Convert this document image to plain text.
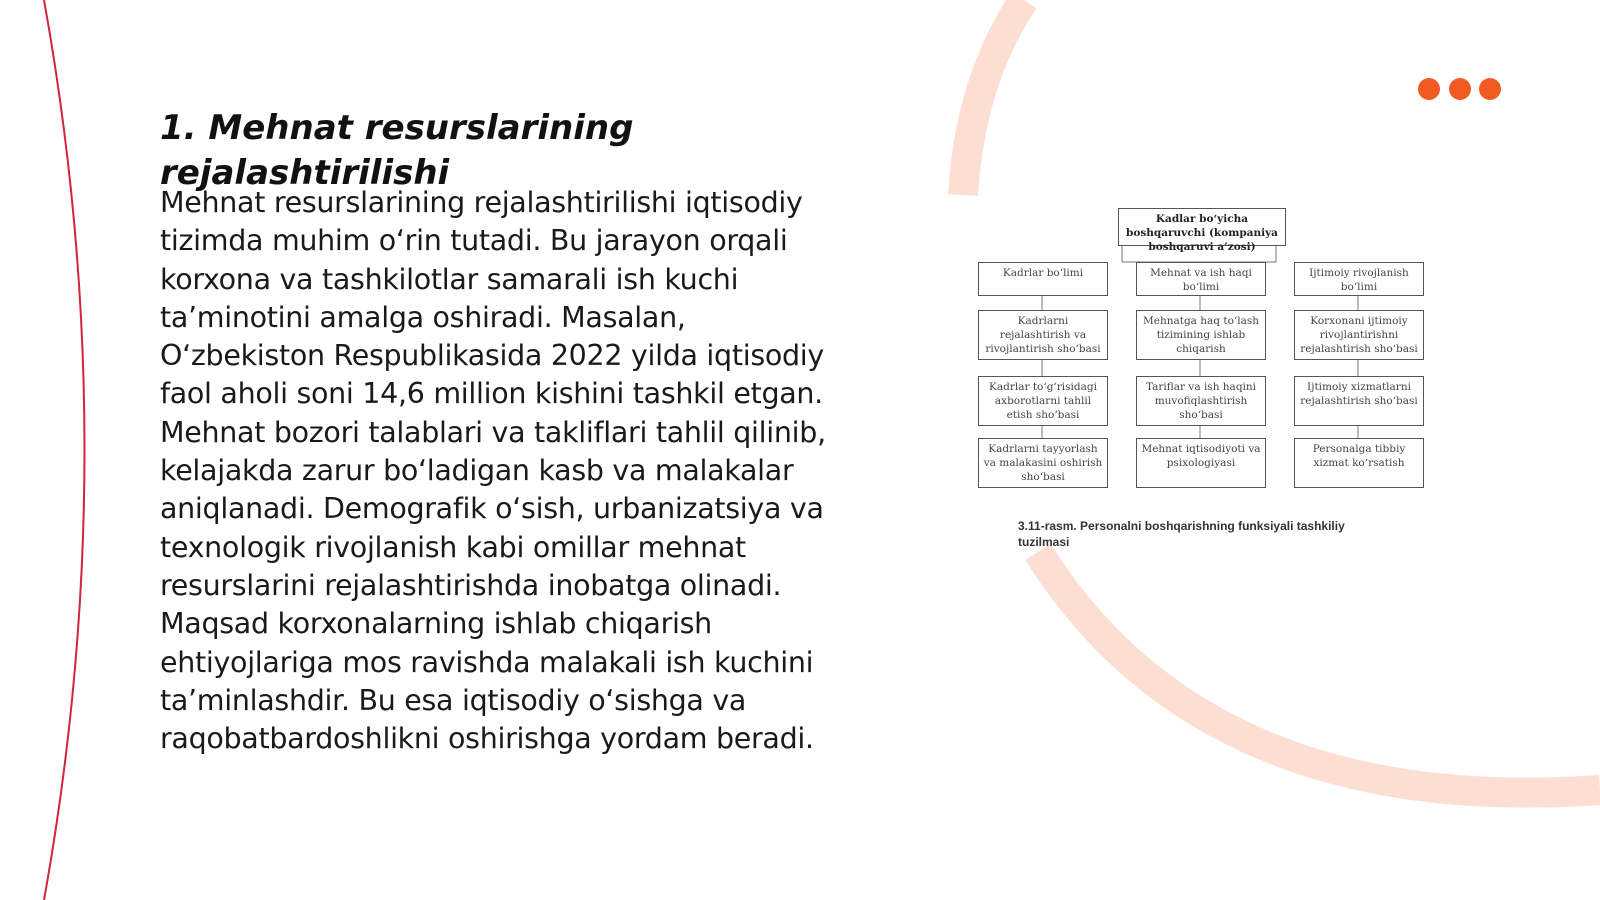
1. Mehnat resurslarining rejalashtirilishi

Mehnat resurslarining rejalashtirilishi iqtisodiy tizimda muhim oʻrin tutadi. Bu jarayon orqali korxona va tashkilotlar samarali ish kuchi taʼminotini amalga oshiradi. Masalan, Oʻzbekiston Respublikasida 2022 yilda iqtisodiy faol aholi soni 14,6 million kishini tashkil etgan. Mehnat bozori talablari va takliflari tahlil qilinib, kelajakda zarur boʻladigan kasb va malakalar aniqlanadi. Demografik oʻsish, urbanizatsiya va texnologik rivojlanish kabi omillar mehnat resurslarini rejalashtirishda inobatga olinadi. Maqsad korxonalarning ishlab chiqarish ehtiyojlariga mos ravishda malakali ish kuchini taʼminlashdir. Bu esa iqtisodiy oʻsishga va raqobatbardoshlikni oshirishga yordam beradi.

Kadlar bo‘yicha boshqaruvchi (kompaniya boshqaruvi a’zosi)
Kadrlar bo‘limi	Mehnat va ish haqi bo‘limi
Ijtimoiy rivojlanish bo‘limi
Kadrlarni rejalashtirish va rivojlantirish sho‘basi
Mehnatga haq to‘lash tizimining ishlab chiqarish
Korxonani ijtimoiy rivojlantirishni rejalashtirish sho‘basi
Kadrlar to‘g‘risidagi axborotlarni tahlil etish sho‘basi
Tariflar va ish haqini muvofiqlashtirish sho‘basi
Ijtimoiy xizmatlarni rejalashtirish sho‘basi
Kadrlarni tayyorlash va malakasini oshirish sho‘basi
Mehnat iqtisodiyoti va psixologiyasi
Personalga tibbiy xizmat ko‘rsatish

3.11-rasm. Personalni boshqarishning funksiyali tashkiliy tuzilmasi
